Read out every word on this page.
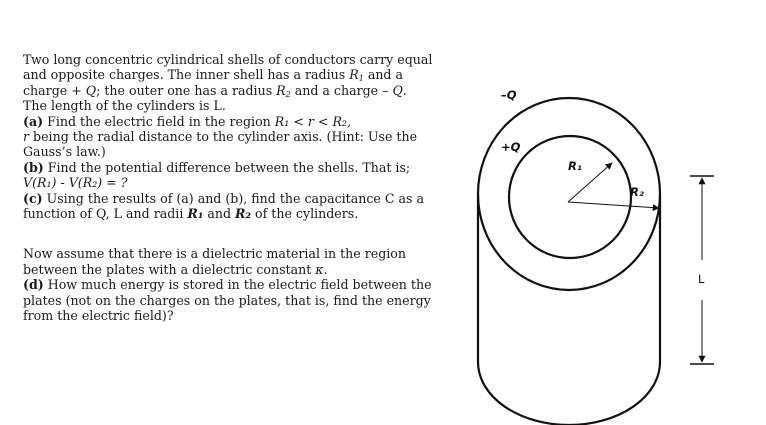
Two long concentric cylindrical shells of conductors carry equal and opposite charges. The inner shell has a radius $R_1$ and a charge + Q; the outer one has a radius $R_2$ and a charge – Q.

The length of the cylinders is L.

(a) Find the electric field in the region R₁ < r < R₂,
r being the radial distance to the cylinder axis. (Hint: Use the Gauss’s law.)

(b) Find the potential difference between the shells. That is;
V(R₁) - V(R₂) = ?

(c) Using the results of (a) and (b), find the capacitance C as a function of Q, L and radii R₁ and R₂ of the cylinders.

Now assume that there is a dielectric material in the region between the plates with a dielectric constant κ.
(d) How much energy is stored in the electric field between the plates (not on the charges on the plates, that is, find the energy from the electric field)?

–Q
+Q
R₁
R₂
L
